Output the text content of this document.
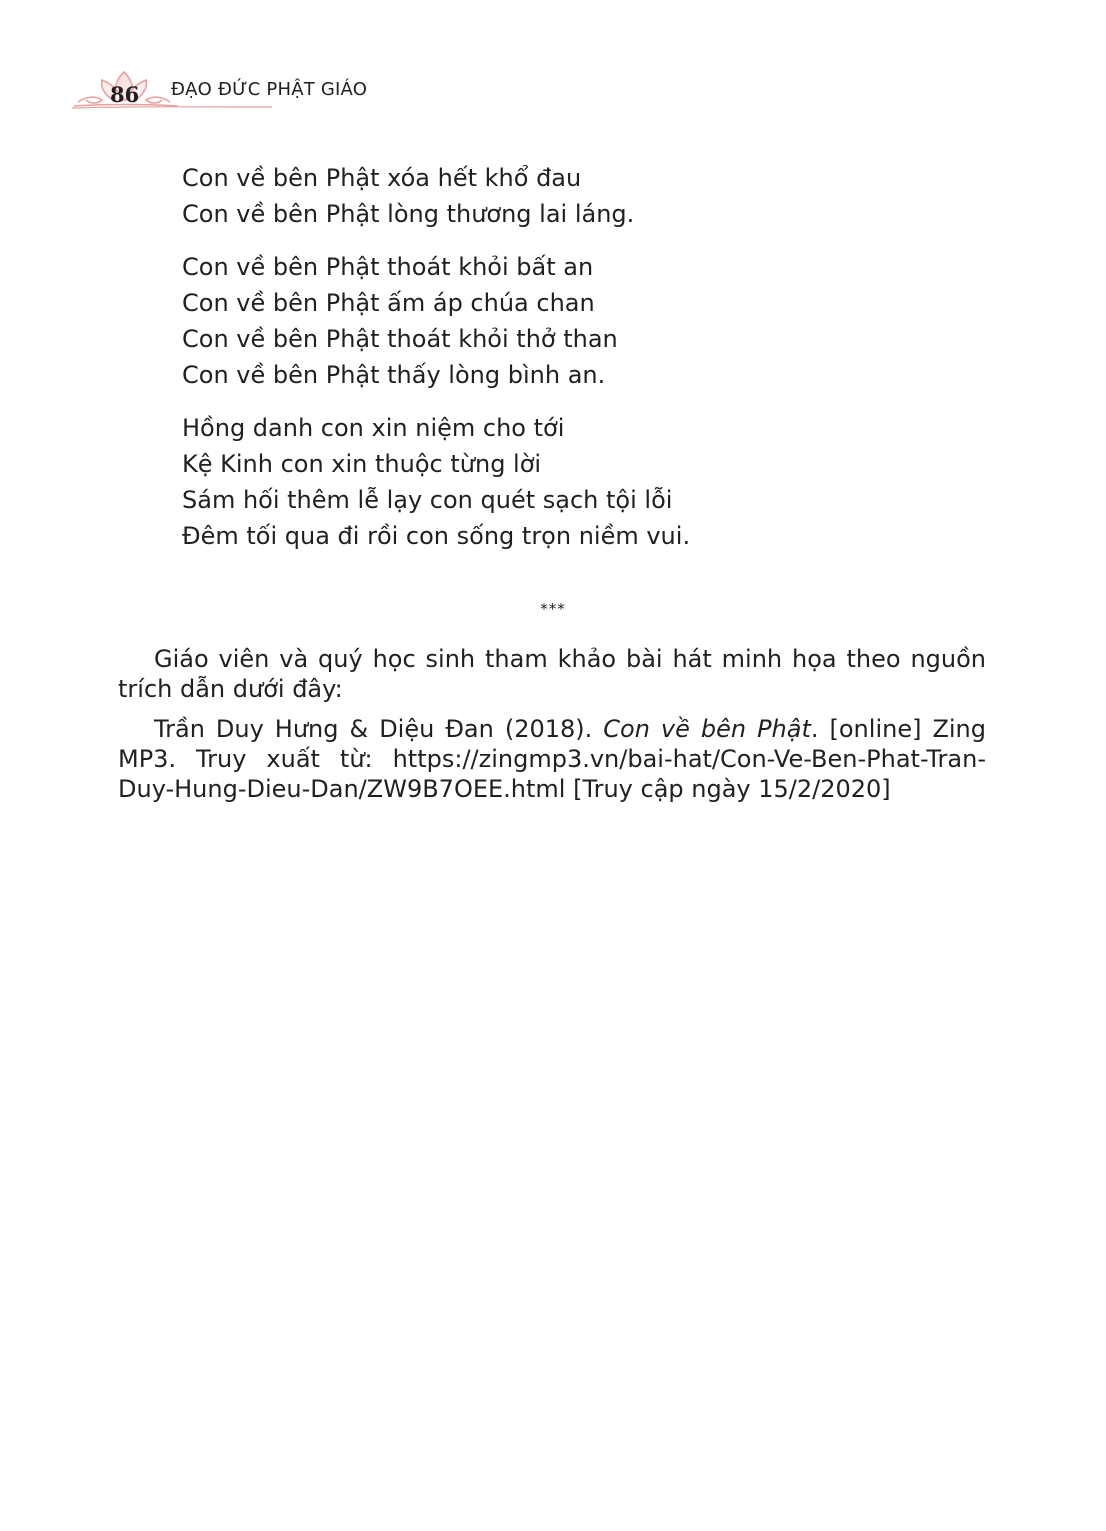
86 ĐẠO ĐỨC PHẬT GIÁO
Con về bên Phật xóa hết khổ đau
Con về bên Phật lòng thương lai láng.
Con về bên Phật thoát khỏi bất an
Con về bên Phật ấm áp chúa chan
Con về bên Phật thoát khỏi thở than
Con về bên Phật thấy lòng bình an.
Hồng danh con xin niệm cho tới
Kệ Kinh con xin thuộc từng lời
Sám hối thêm lễ lạy con quét sạch tội lỗi
Đêm tối qua đi rồi con sống trọn niềm vui.
***

Giáo viên và quý học sinh tham khảo bài hát minh họa theo nguồn trích dẫn dưới đây:

Trần Duy Hưng & Diệu Đan (2018). Con về bên Phật. [online] Zing MP3. Truy xuất từ: https://zingmp3.vn/bai-hat/Con-Ve-Ben-Phat-Tran-Duy-Hung-Dieu-Dan/ZW9B7OEE.html [Truy cập ngày 15/2/2020]
